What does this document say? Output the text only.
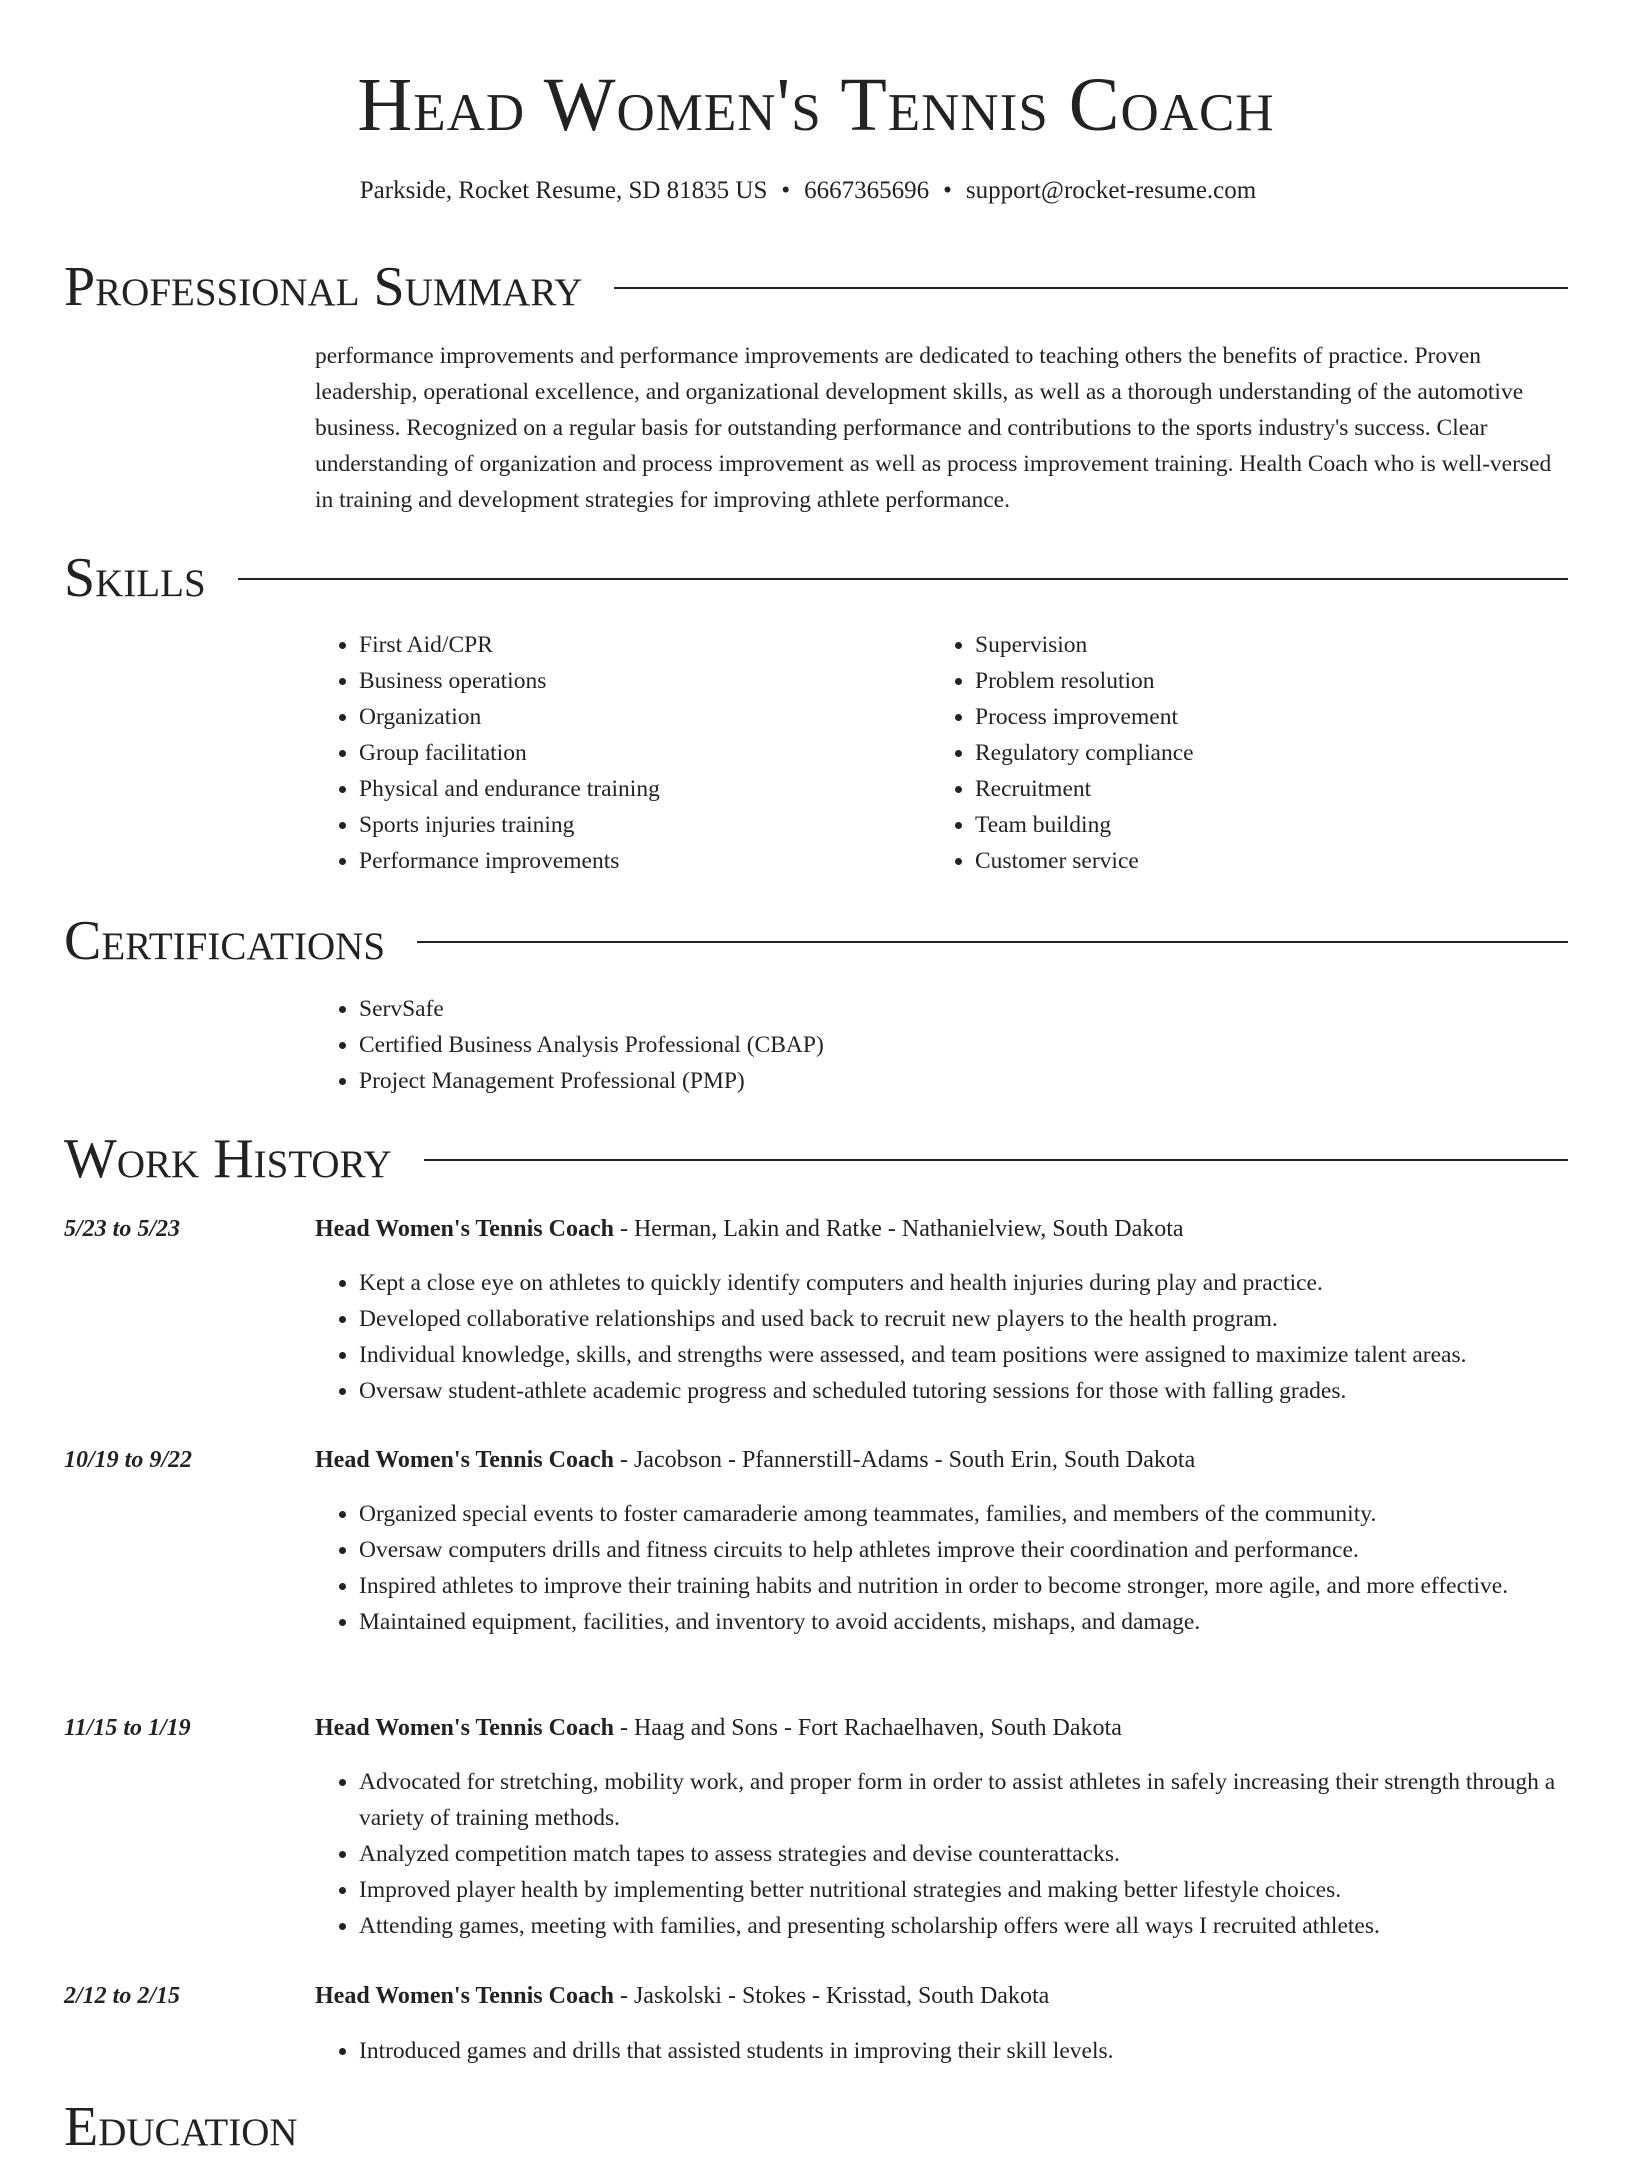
Head Women's Tennis Coach
Parkside, Rocket Resume, SD 81835 US • 6667365696 • support@rocket-resume.com
Professional Summary

performance improvements and performance improvements are dedicated to teaching others the benefits of practice. Proven leadership, operational excellence, and organizational development skills, as well as a thorough understanding of the automotive business. Recognized on a regular basis for outstanding performance and contributions to the sports industry's success. Clear understanding of organization and process improvement as well as process improvement training. Health Coach who is well-versed in training and development strategies for improving athlete performance.

Skills
• First Aid/CPR
• Business operations
• Organization
• Group facilitation
• Physical and endurance training
• Sports injuries training
• Performance improvements
• Supervision
• Problem resolution
• Process improvement
• Regulatory compliance
• Recruitment
• Team building
• Customer service
Certifications
• ServSafe
• Certified Business Analysis Professional (CBAP)
• Project Management Professional (PMP)
Work History
5/23 to 5/23	Head Women's Tennis Coach - Herman, Lakin and Ratke - Nathanielview, South Dakota
• Kept a close eye on athletes to quickly identify computers and health injuries during play and practice.
• Developed collaborative relationships and used back to recruit new players to the health program.
• Individual knowledge, skills, and strengths were assessed, and team positions were assigned to maximize talent areas.
• Oversaw student-athlete academic progress and scheduled tutoring sessions for those with falling grades.
10/19 to 9/22	Head Women's Tennis Coach - Jacobson - Pfannerstill-Adams - South Erin, South Dakota
• Organized special events to foster camaraderie among teammates, families, and members of the community.
• Oversaw computers drills and fitness circuits to help athletes improve their coordination and performance.
• Inspired athletes to improve their training habits and nutrition in order to become stronger, more agile, and more effective.
• Maintained equipment, facilities, and inventory to avoid accidents, mishaps, and damage.
11/15 to 1/19	Head Women's Tennis Coach - Haag and Sons - Fort Rachaelhaven, South Dakota
• Advocated for stretching, mobility work, and proper form in order to assist athletes in safely increasing their strength through a variety of training methods.
• Analyzed competition match tapes to assess strategies and devise counterattacks.
• Improved player health by implementing better nutritional strategies and making better lifestyle choices.
• Attending games, meeting with families, and presenting scholarship offers were all ways I recruited athletes.
2/12 to 2/15	Head Women's Tennis Coach - Jaskolski - Stokes - Krisstad, South Dakota
• Introduced games and drills that assisted students in improving their skill levels.
Education
